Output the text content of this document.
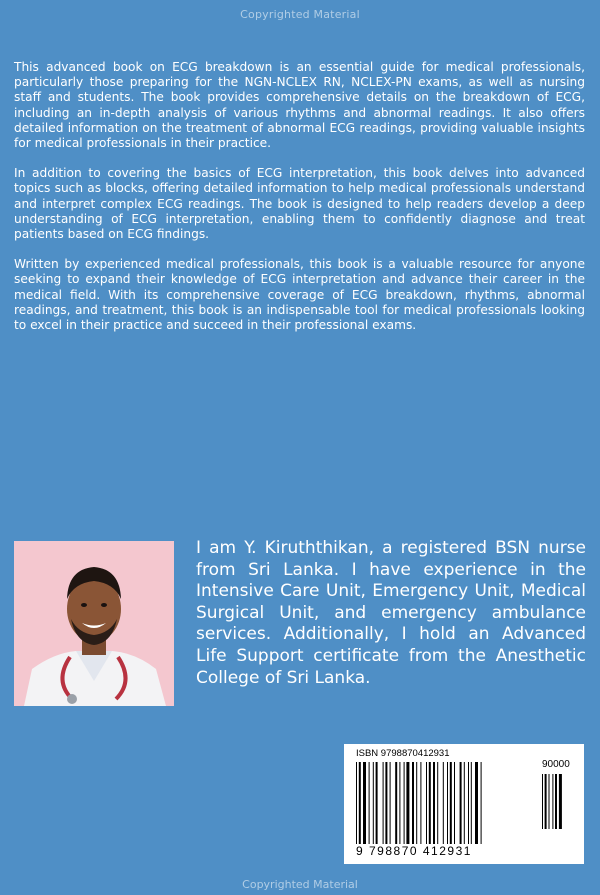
Copyrighted Material

This advanced book on ECG breakdown is an essential guide for medical professionals, particularly those preparing for the NGN-NCLEX RN, NCLEX-PN exams, as well as nursing staff and students. The book provides comprehensive details on the breakdown of ECG, including an in-depth analysis of various rhythms and abnormal readings. It also offers detailed information on the treatment of abnormal ECG readings, providing valuable insights for medical professionals in their practice.

In addition to covering the basics of ECG interpretation, this book delves into advanced topics such as blocks, offering detailed information to help medical professionals understand and interpret complex ECG readings. The book is designed to help readers develop a deep understanding of ECG interpretation, enabling them to confidently diagnose and treat patients based on ECG findings.

Written by experienced medical professionals, this book is a valuable resource for anyone seeking to expand their knowledge of ECG interpretation and advance their career in the medical field. With its comprehensive coverage of ECG breakdown, rhythms, abnormal readings, and treatment, this book is an indispensable tool for medical professionals looking to excel in their practice and succeed in their professional exams.

I am Y. Kiruththikan, a registered BSN nurse from Sri Lanka. I have experience in the Intensive Care Unit, Emergency Unit, Medical Surgical Unit, and emergency ambulance services. Additionally, I hold an Advanced Life Support certificate from the Anesthetic College of Sri Lanka.
ISBN 9798870412931
90000
9 798870 412931
Copyrighted Material
